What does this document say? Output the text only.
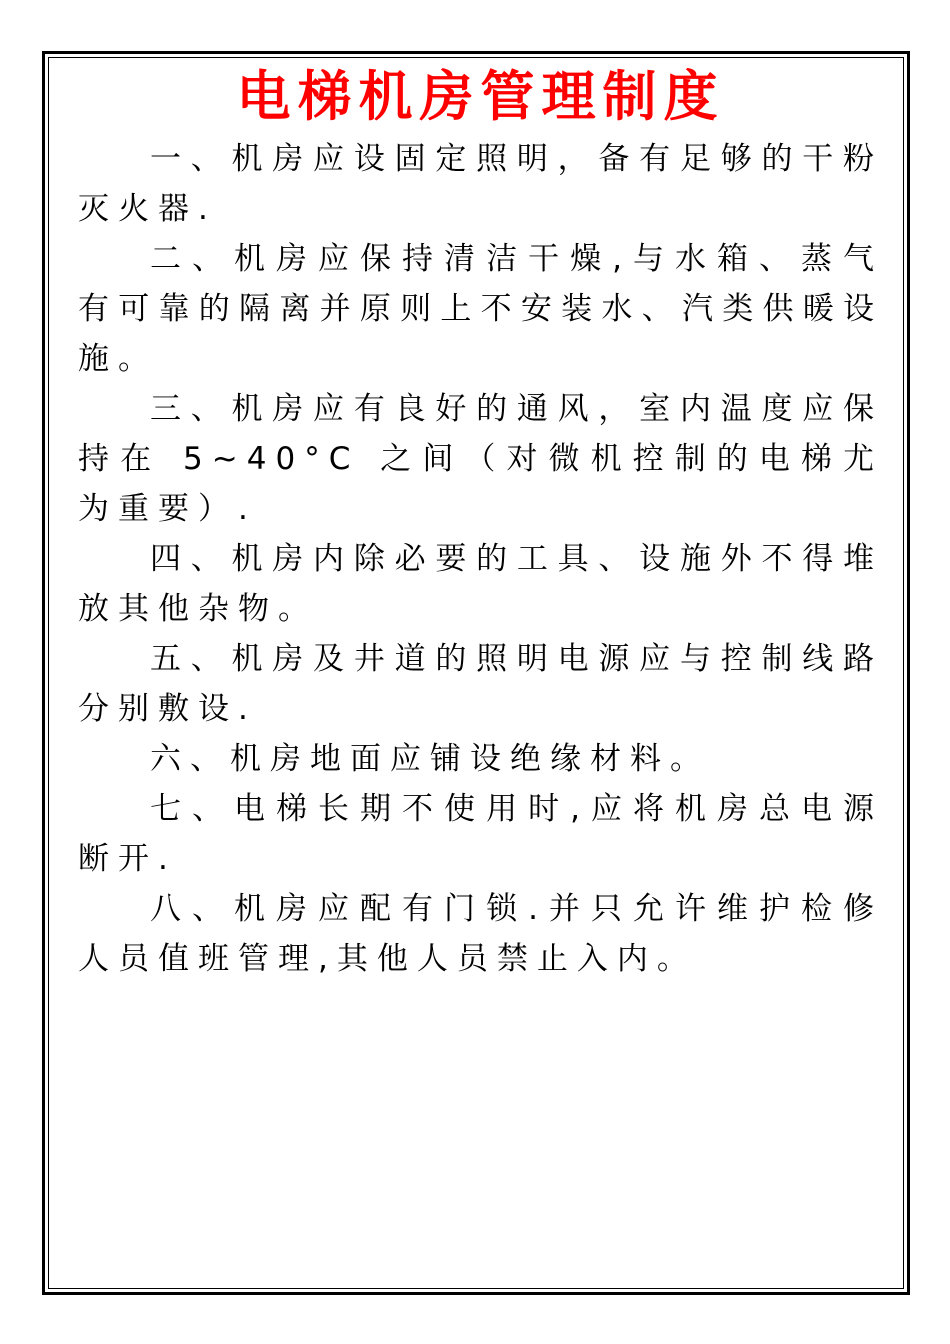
电梯机房管理制度

一、机房应设固定照明，备有足够的干粉灭火器.

二、机房应保持清洁干燥,与水箱、蒸气有可靠的隔离并原则上不安装水、汽类供暖设施。

三、机房应有良好的通风，室内温度应保持在 5~40°C 之间（对微机控制的电梯尤为重要）.

四、机房内除必要的工具、设施外不得堆放其他杂物。

五、机房及井道的照明电源应与控制线路分别敷设.

六、机房地面应铺设绝缘材料。

七、电梯长期不使用时,应将机房总电源断开.

八、机房应配有门锁.并只允许维护检修人员值班管理,其他人员禁止入内。
